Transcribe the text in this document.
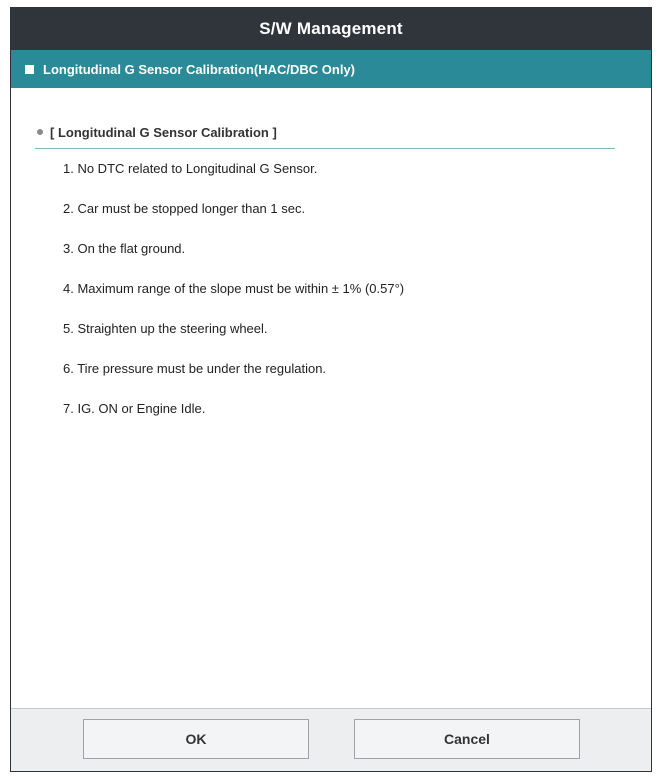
S/W Management
Longitudinal G Sensor Calibration(HAC/DBC Only)
[ Longitudinal G Sensor Calibration ]
1. No DTC related to Longitudinal G Sensor.
2. Car must be stopped longer than 1 sec.
3. On the flat ground.
4. Maximum range of the slope must be within ± 1% (0.57°)
5. Straighten up the steering wheel.
6. Tire pressure must be under the regulation.
7. IG. ON or Engine Idle.
OK	Cancel
